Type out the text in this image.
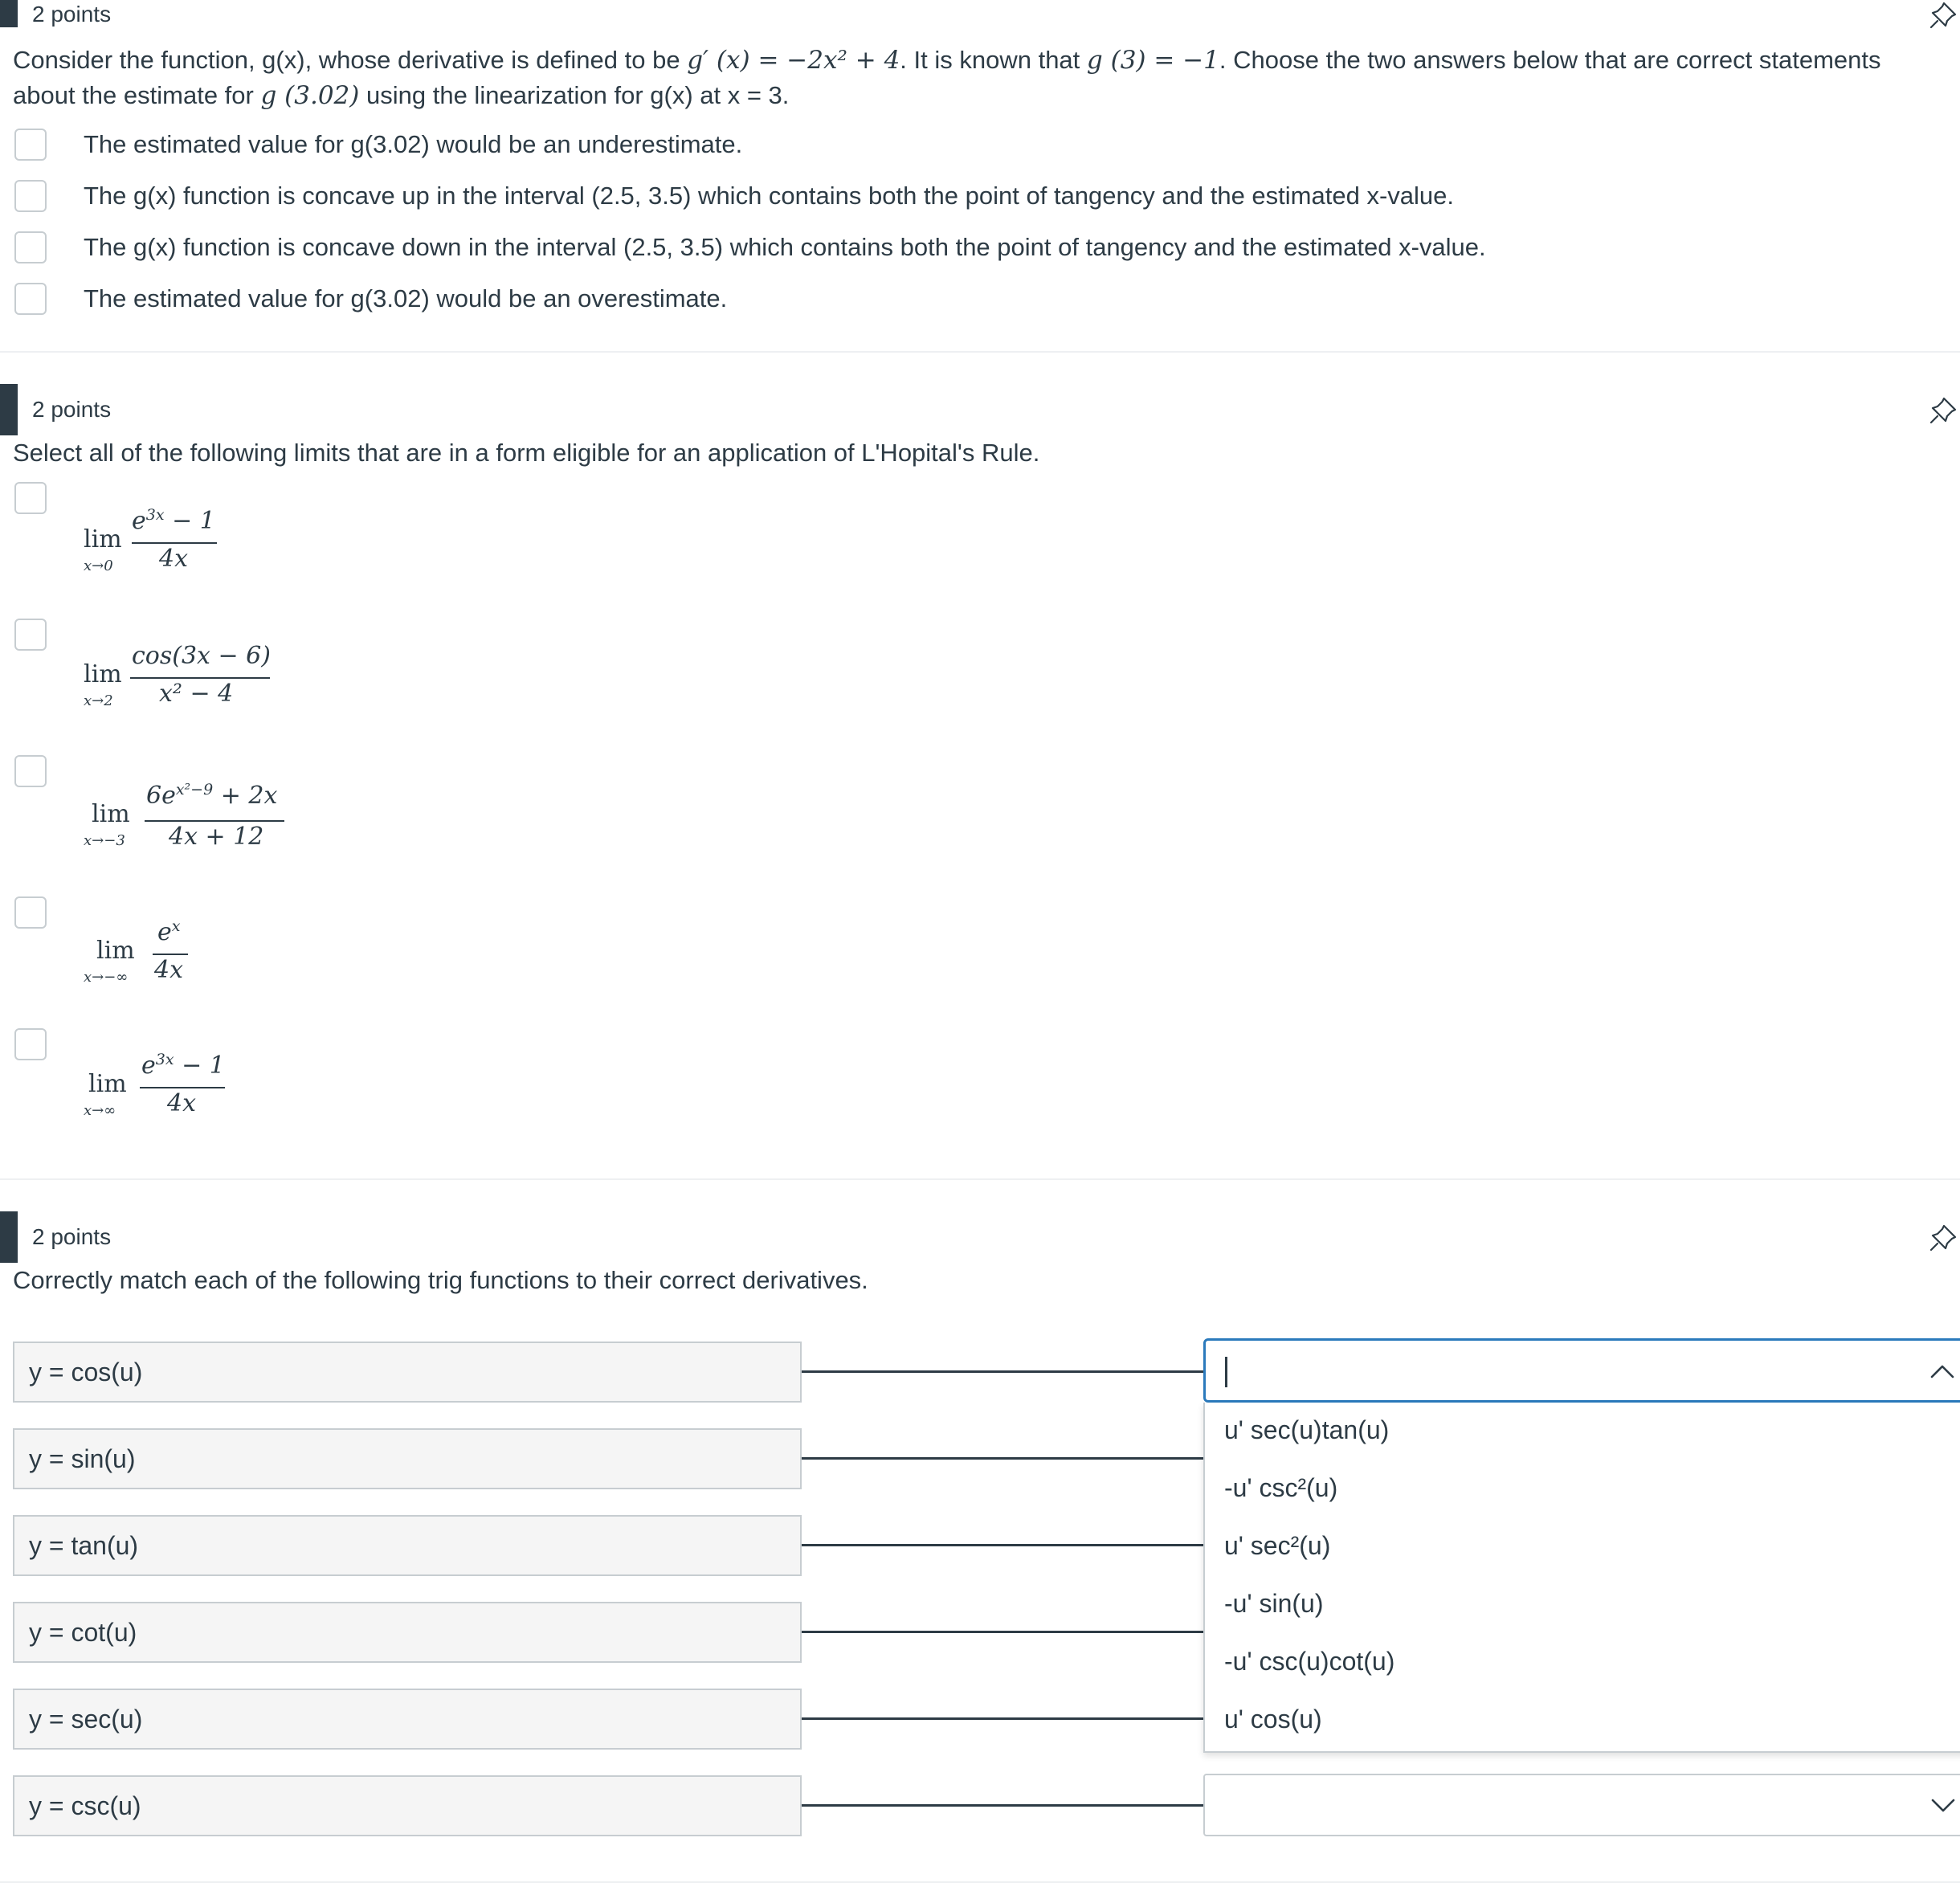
2 points
Consider the function, g(x), whose derivative is defined to be g′ (x) = −2x² + 4. It is known that g (3) = −1. Choose the two answers below that are correct statements
about the estimate for g (3.02) using the linearization for g(x) at x = 3.
The estimated value for g(3.02) would be an underestimate.
The g(x) function is concave up in the interval (2.5, 3.5) which contains both the point of tangency and the estimated x-value.
The g(x) function is concave down in the interval (2.5, 3.5) which contains both the point of tangency and the estimated x-value.
The estimated value for g(3.02) would be an overestimate.
2 points
Select all of the following limits that are in a form eligible for an application of L'Hopital's Rule.
lim
x→0
$e^{3x} - 1$
4x
lim
x→2
cos(3x − 6)
x² − 4
lim
x→−3
$6e^{x^2-9} + 2x$
4x + 12
lim
x→−∞
$e^x$
4x
lim
x→∞
$e^{3x} - 1$
4x
2 points
Correctly match each of the following trig functions to their correct derivatives.
y = cos(u)
y = sin(u)
y = tan(u)
y = cot(u)
y = sec(u)
y = csc(u)
u' sec(u)tan(u)
-u' csc²(u)
u' sec²(u)
-u' sin(u)
-u' csc(u)cot(u)
u' cos(u)
